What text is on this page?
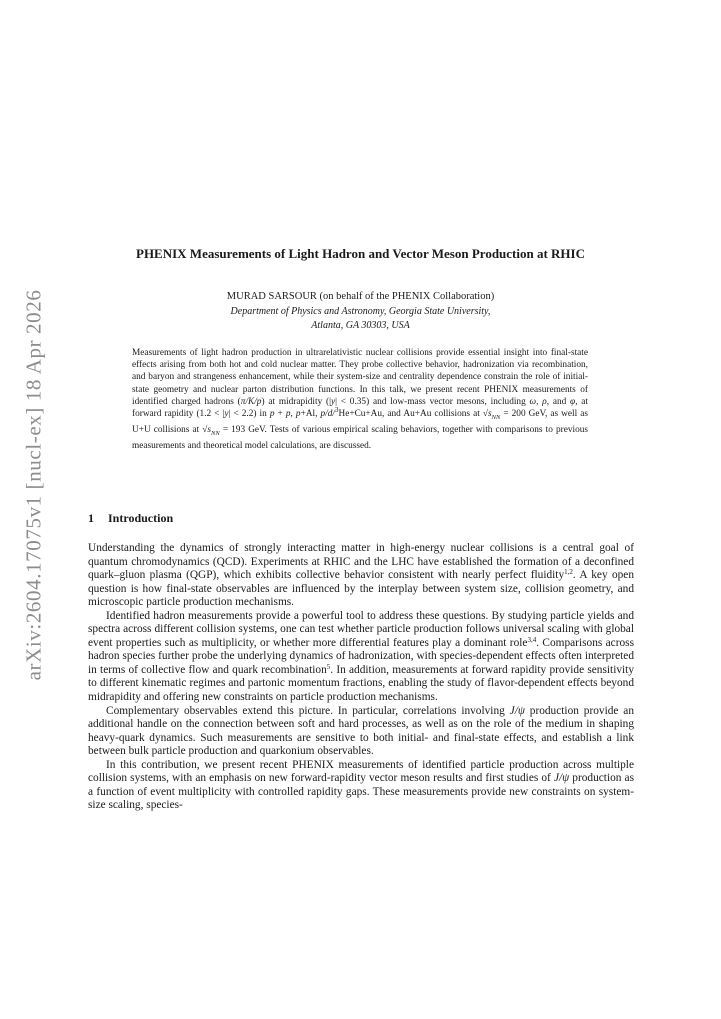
arXiv:2604.17075v1 [nucl-ex] 18 Apr 2026
PHENIX Measurements of Light Hadron and Vector Meson Production at RHIC
MURAD SARSOUR (on behalf of the PHENIX Collaboration)
Department of Physics and Astronomy, Georgia State University,
Atlanta, GA 30303, USA
Measurements of light hadron production in ultrarelativistic nuclear collisions provide essential insight into final-state effects arising from both hot and cold nuclear matter. They probe collective behavior, hadronization via recombination, and baryon and strangeness enhancement, while their system-size and centrality dependence constrain the role of initial-state geometry and nuclear parton distribution functions. In this talk, we present recent PHENIX measurements of identified charged hadrons (π/K/p) at midrapidity (|y| < 0.35) and low-mass vector mesons, including ω, ρ, and φ, at forward rapidity (1.2 < |y| < 2.2) in p + p, p+Al, p/d/$^3$He+Cu+Au, and Au+Au collisions at $√s_{NN} = 200$ GeV, as well as U+U collisions at $√s_{NN} = 193$ GeV. Tests of various empirical scaling behaviors, together with comparisons to previous measurements and theoretical model calculations, are discussed.
1 Introduction

Understanding the dynamics of strongly interacting matter in high-energy nuclear collisions is a central goal of quantum chromodynamics (QCD). Experiments at RHIC and the LHC have established the formation of a deconfined quark–gluon plasma (QGP), which exhibits collective behavior consistent with nearly perfect fluidity$^{1,2}$. A key open question is how final-state observables are influenced by the interplay between system size, collision geometry, and microscopic particle production mechanisms.

Identified hadron measurements provide a powerful tool to address these questions. By studying particle yields and spectra across different collision systems, one can test whether particle production follows universal scaling with global event properties such as multiplicity, or whether more differential features play a dominant role$^{3,4}$. Comparisons across hadron species further probe the underlying dynamics of hadronization, with species-dependent effects often interpreted in terms of collective flow and quark recombination$^5$. In addition, measurements at forward rapidity provide sensitivity to different kinematic regimes and partonic momentum fractions, enabling the study of flavor-dependent effects beyond midrapidity and offering new constraints on particle production mechanisms.

Complementary observables extend this picture. In particular, correlations involving J/ψ production provide an additional handle on the connection between soft and hard processes, as well as on the role of the medium in shaping heavy-quark dynamics. Such measurements are sensitive to both initial- and final-state effects, and establish a link between bulk particle production and quarkonium observables.

In this contribution, we present recent PHENIX measurements of identified particle production across multiple collision systems, with an emphasis on new forward-rapidity vector meson results and first studies of J/ψ production as a function of event multiplicity with controlled rapidity gaps. These measurements provide new constraints on system-size scaling, species-
